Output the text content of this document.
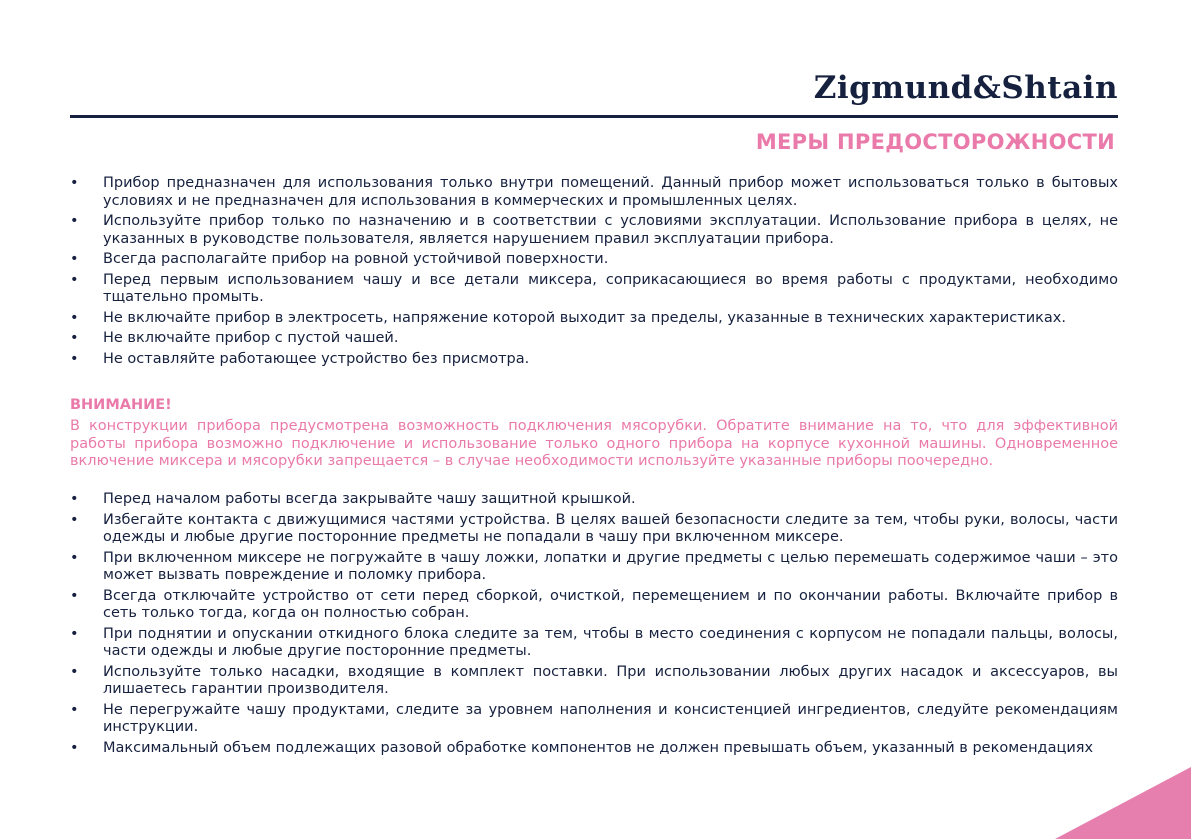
Zigmund&Shtain
МЕРЫ ПРЕДОСТОРОЖНОСТИ
• Прибор предназначен для использования только внутри помещений. Данный прибор может использоваться только в бытовых условиях и не предназначен для использования в коммерческих и промышленных целях.
• Используйте прибор только по назначению и в соответствии с условиями эксплуатации. Использование прибора в целях, не указанных в руководстве пользователя, является нарушением правил эксплуатации прибора.
• Всегда располагайте прибор на ровной устойчивой поверхности.
• Перед первым использованием чашу и все детали миксера, соприкасающиеся во время работы с продуктами, необходимо тщательно промыть.
• Не включайте прибор в электросеть, напряжение которой выходит за пределы, указанные в технических характеристиках.
• Не включайте прибор с пустой чашей.
• Не оставляйте работающее устройство без присмотра.
ВНИМАНИЕ!
В конструкции прибора предусмотрена возможность подключения мясорубки. Обратите внимание на то, что для эффективной работы прибора возможно подключение и использование только одного прибора на корпусе кухонной машины. Одновременное включение миксера и мясорубки запрещается – в случае необходимости используйте указанные приборы поочередно.
• Перед началом работы всегда закрывайте чашу защитной крышкой.
• Избегайте контакта с движущимися частями устройства. В целях вашей безопасности следите за тем, чтобы руки, волосы, части одежды и любые другие посторонние предметы не попадали в чашу при включенном миксере.
• При включенном миксере не погружайте в чашу ложки, лопатки и другие предметы с целью перемешать содержимое чаши – это может вызвать повреждение и поломку прибора.
• Всегда отключайте устройство от сети перед сборкой, очисткой, перемещением и по окончании работы. Включайте прибор в сеть только тогда, когда он полностью собран.
• При поднятии и опускании откидного блока следите за тем, чтобы в место соединения с корпусом не попадали пальцы, волосы, части одежды и любые другие посторонние предметы.
• Используйте только насадки, входящие в комплект поставки. При использовании любых других насадок и аксессуаров, вы лишаетесь гарантии производителя.
• Не перегружайте чашу продуктами, следите за уровнем наполнения и консистенцией ингредиентов, следуйте рекомендациям инструкции.
• Максимальный объем подлежащих разовой обработке компонентов не должен превышать объем, указанный в рекомендациях
